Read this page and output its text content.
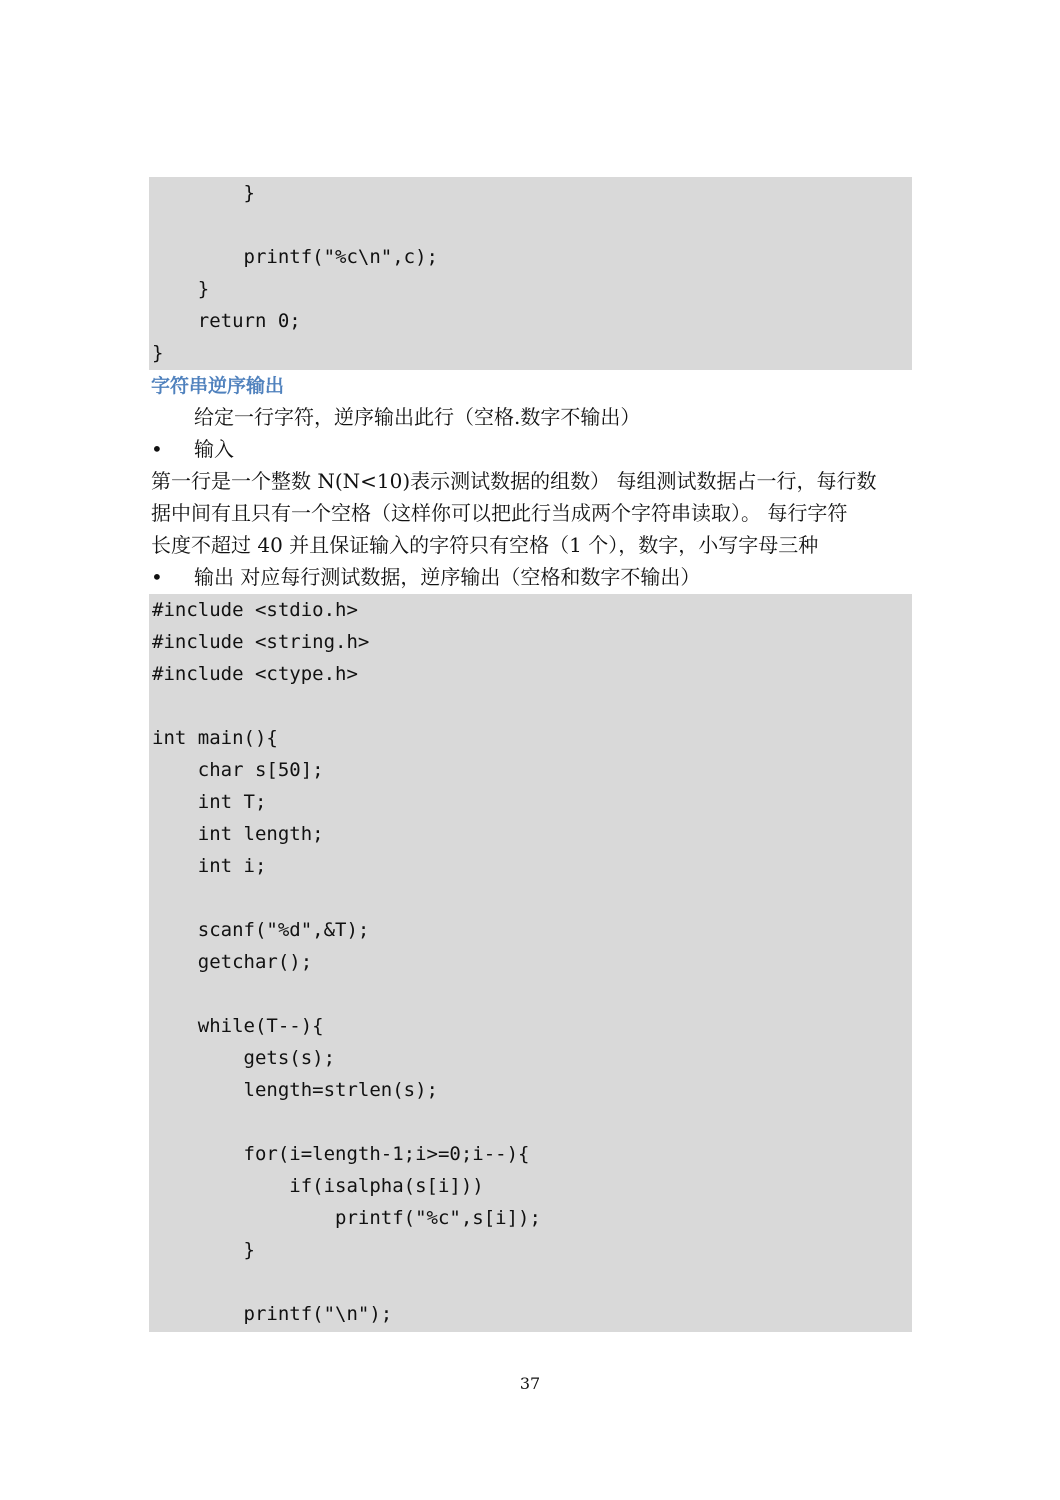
}
printf("%c\n",c);
}
return 0;
}
字符串逆序输出
给定一行字符，逆序输出此行（空格.数字不输出）
• 输入
第一行是一个整数 N(N<10)表示测试数据的组数） 每组测试数据占一行，每行数
据中间有且只有一个空格（这样你可以把此行当成两个字符串读取）。 每行字符
长度不超过 40 并且保证输入的字符只有空格（1 个），数字，小写字母三种
• 输出 对应每行测试数据，逆序输出（空格和数字不输出）
#include <stdio.h>
#include <string.h>
#include <ctype.h>
int main(){
char s[50];
int T;
int length;
int i;
scanf("%d",&T);
getchar();
while(T--){
gets(s);
length=strlen(s);
for(i=length-1;i>=0;i--){
if(isalpha(s[i]))
printf("%c",s[i]);
}
printf("\n");
37
